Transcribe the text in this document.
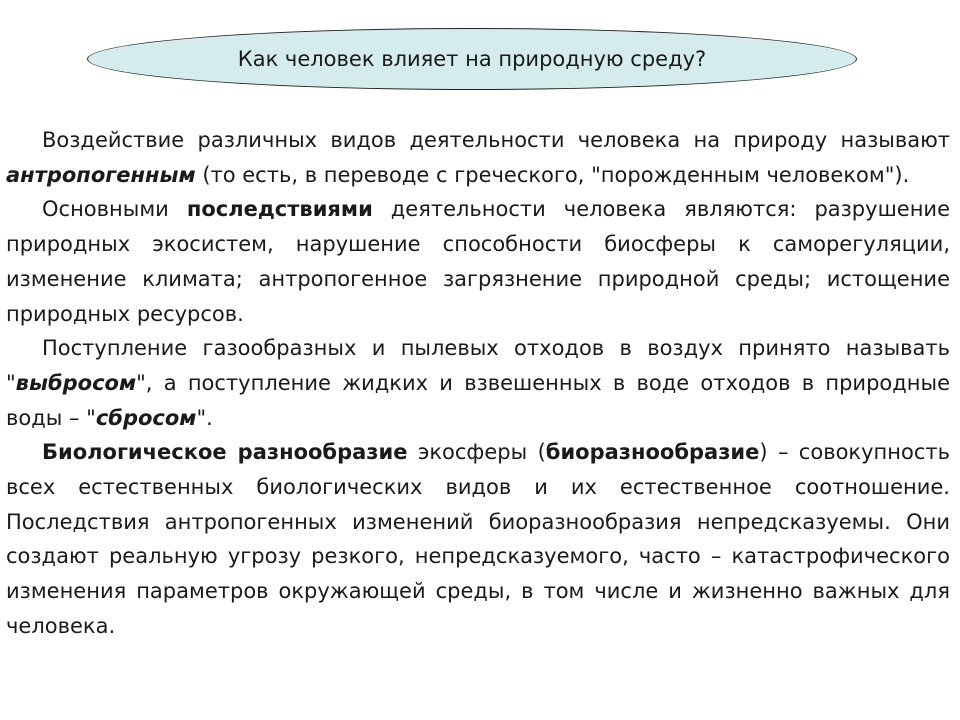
Как человек влияет на природную среду?

Воздействие различных видов деятельности человека на природу называют антропогенным (то есть, в переводе с греческого, "порожденным человеком").

Основными последствиями деятельности человека являются: разрушение природных экосистем, нарушение способности биосферы к саморегуляции, изменение климата; антропогенное загрязнение природной среды; истощение природных ресурсов.

Поступление газообразных и пылевых отходов в воздух принято называть "выбросом", а поступление жидких и взвешенных в воде отходов в природные воды – "сбросом".

Биологическое разнообразие экосферы (биоразнообразие) – совокупность всех естественных биологических видов и их естественное соотношение. Последствия антропогенных изменений биоразнообразия непредсказуемы. Они создают реальную угрозу резкого, непредсказуемого, часто – катастрофического изменения параметров окружающей среды, в том числе и жизненно важных для человека.
